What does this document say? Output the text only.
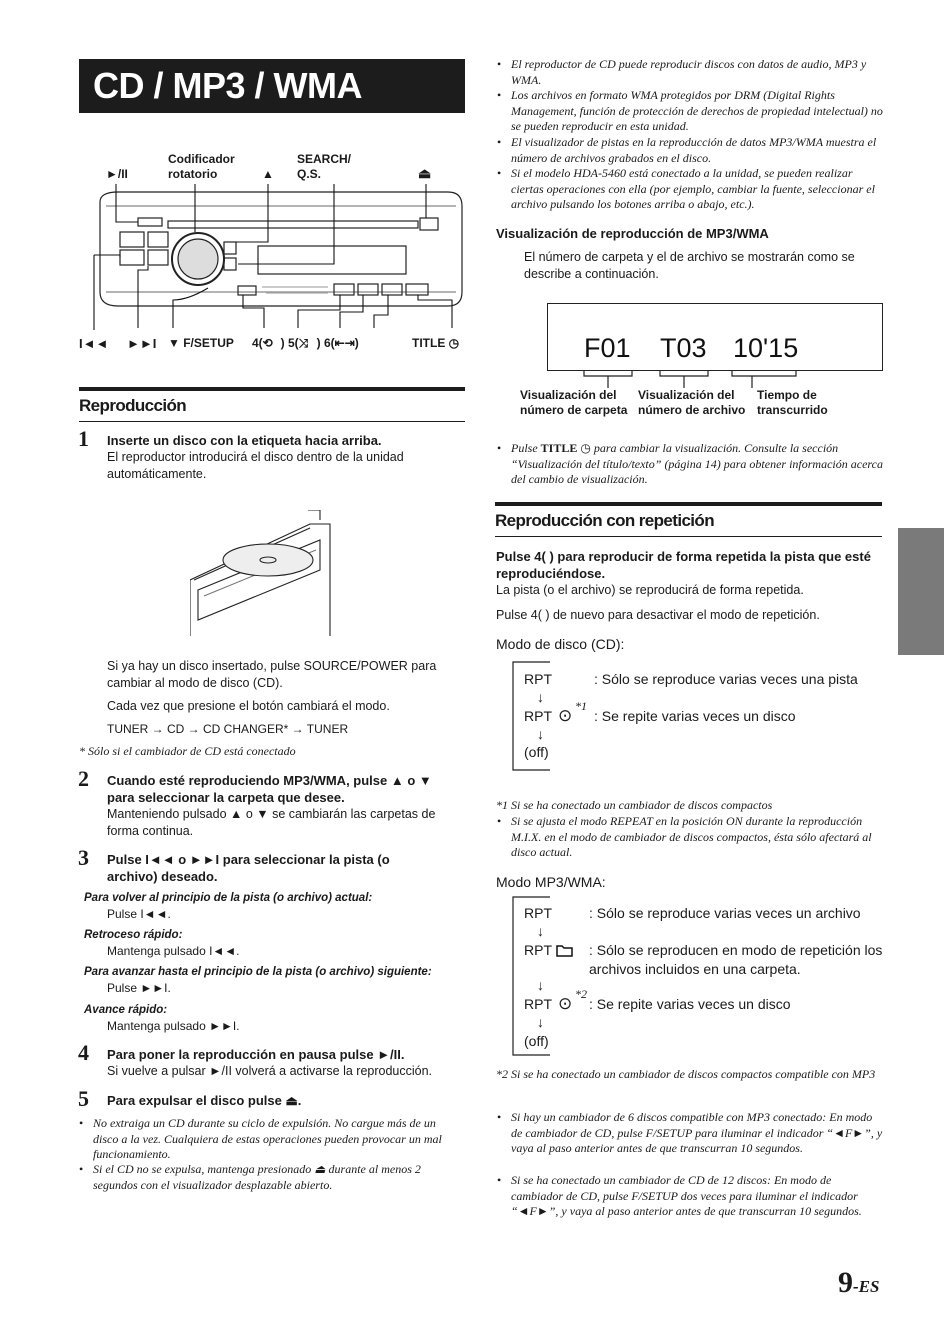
CD / MP3 / WMA
►/II
Codificador
rotatorio	▲
SEARCH/
Q.S.	⏏
I◄◄ ►►I ▼ F/SETUP 4(⟲ ) 5(⤨ ) 6(⇤⇥)	TITLE ◷
Reproducción
1 Inserte un disco con la etiqueta hacia arriba.
El reproductor introducirá el disco dentro de la unidad automáticamente.
Si ya hay un disco insertado, pulse SOURCE/POWER para cambiar al modo de disco (CD).
Cada vez que presione el botón cambiará el modo.
TUNER → CD → CD CHANGER* → TUNER
* Sólo si el cambiador de CD está conectado
2 Cuando esté reproduciendo MP3/WMA, pulse ▲ o ▼ para seleccionar la carpeta que desee.
Manteniendo pulsado ▲ o ▼ se cambiarán las carpetas de forma continua.
3 Pulse I◄◄ o ►►I para seleccionar la pista (o archivo) deseado.
Para volver al principio de la pista (o archivo) actual:
Pulse I◄◄.
Retroceso rápido:
Mantenga pulsado I◄◄.
Para avanzar hasta el principio de la pista (o archivo) siguiente:
Pulse ►►I.
Avance rápido:
Mantenga pulsado ►►I.
4 Para poner la reproducción en pausa pulse ►/II.
Si vuelve a pulsar ►/II volverá a activarse la reproducción.
5 Para expulsar el disco pulse ⏏.
• No extraiga un CD durante su ciclo de expulsión. No cargue más de un disco a la vez. Cualquiera de estas operaciones pueden provocar un mal funcionamiento.
• Si el CD no se expulsa, mantenga presionado ⏏ durante al menos 2 segundos con el visualizador desplazable abierto.
• El reproductor de CD puede reproducir discos con datos de audio, MP3 y WMA.
• Los archivos en formato WMA protegidos por DRM (Digital Rights Management, función de protección de derechos de propiedad intelectual) no se pueden reproducir en esta unidad.
• El visualizador de pistas en la reproducción de datos MP3/WMA muestra el número de archivos grabados en el disco.
• Si el modelo HDA-5460 está conectado a la unidad, se pueden realizar ciertas operaciones con ella (por ejemplo, cambiar la fuente, seleccionar el archivo pulsando los botones arriba o abajo, etc.).
Visualización de reproducción de MP3/WMA
El número de carpeta y el de archivo se mostrarán como se describe a continuación.
F01 T03 10'15
Visualización del
número de carpeta
Visualización del
número de archivo
Tiempo de
transcurrido
• Pulse TITLE ◷ para cambiar la visualización. Consulte la sección “Visualización del título/texto” (página 14) para obtener información acerca del cambio de visualización.
Reproducción con repetición
Pulse 4( ) para reproducir de forma repetida la pista que esté reproduciéndose.
La pista (o el archivo) se reproducirá de forma repetida.
Pulse 4( ) de nuevo para desactivar el modo de repetición.
Modo de disco (CD):
RPT	: Sólo se reproduce varias veces una pista
↓
RPT ⊙ *1
: Se repite varias veces un disco
↓
(off)
*1 Si se ha conectado un cambiador de discos compactos
• Si se ajusta el modo REPEAT en la posición ON durante la reproducción M.I.X. en el modo de cambiador de discos compactos, ésta sólo afectará al disco actual.
Modo MP3/WMA:
RPT	: Sólo se reproduce varias veces un archivo
↓
RPT	: Sólo se reproducen en modo de repetición los archivos incluidos en una carpeta.
↓
RPT ⊙ *2
: Se repite varias veces un disco
↓
(off)
*2 Si se ha conectado un cambiador de discos compactos compatible con MP3
• Si hay un cambiador de 6 discos compatible con MP3 conectado: En modo de cambiador de CD, pulse F/SETUP para iluminar el indicador “◄F►”, y vaya al paso anterior antes de que transcurran 10 segundos.
• Si se ha conectado un cambiador de CD de 12 discos: En modo de cambiador de CD, pulse F/SETUP dos veces para iluminar el indicador “◄F►”, y vaya al paso anterior antes de que transcurran 10 segundos.
9-ES
